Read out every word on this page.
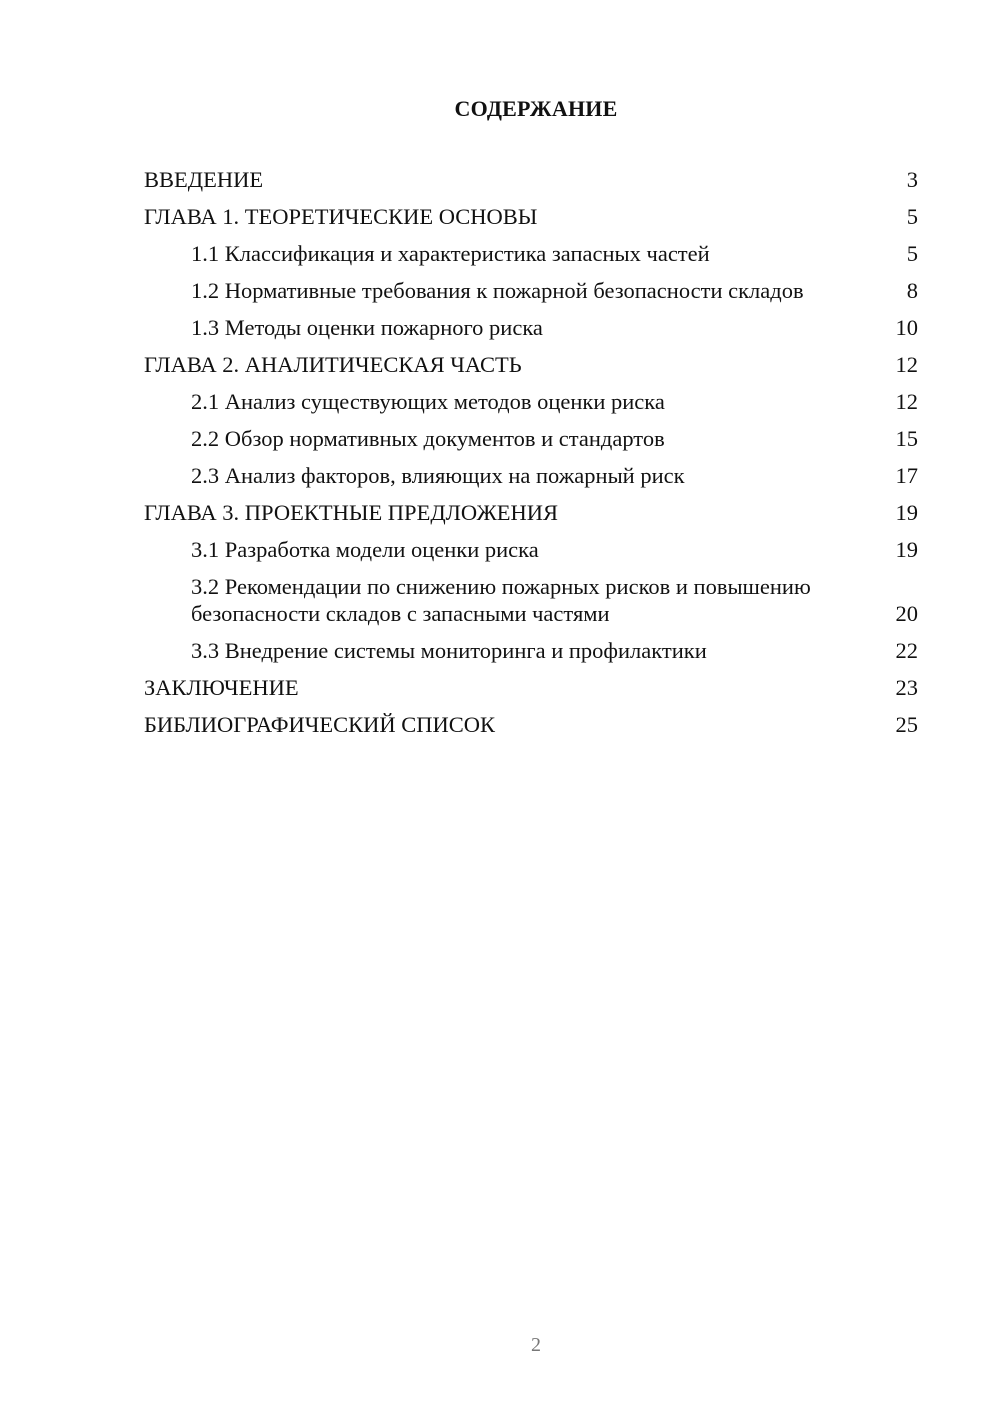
СОДЕРЖАНИЕ
ВВЕДЕНИЕ	3
ГЛАВА 1. ТЕОРЕТИЧЕСКИЕ ОСНОВЫ	5
1.1 Классификация и характеристика запасных частей	5
1.2 Нормативные требования к пожарной безопасности складов	8
1.3 Методы оценки пожарного риска	10
ГЛАВА 2. АНАЛИТИЧЕСКАЯ ЧАСТЬ	12
2.1 Анализ существующих методов оценки риска	12
2.2 Обзор нормативных документов и стандартов	15
2.3 Анализ факторов, влияющих на пожарный риск	17
ГЛАВА 3. ПРОЕКТНЫЕ ПРЕДЛОЖЕНИЯ	19
3.1 Разработка модели оценки риска	19
3.2 Рекомендации по снижению пожарных рисков и повышению безопасности складов с запасными частями	20
3.3 Внедрение системы мониторинга и профилактики	22
ЗАКЛЮЧЕНИЕ	23
БИБЛИОГРАФИЧЕСКИЙ СПИСОК	25
2
